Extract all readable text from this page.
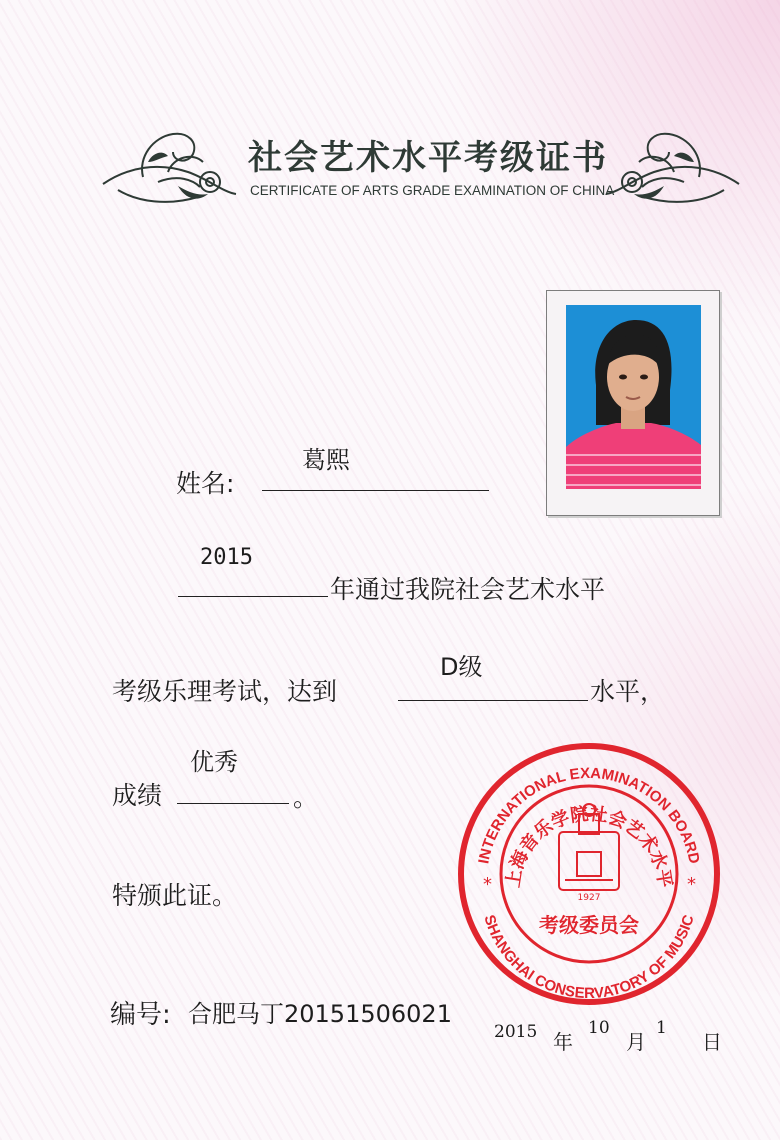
社会艺术水平考级证书
CERTIFICATE OF ARTS GRADE EXAMINATION OF CHINA
姓名:
葛熙
2015
年通过我院社会艺术水平
考级乐理考试，达到
D级
水平，
成绩
优秀
。
特颁此证。
编号: 合肥马丁20151506021
2015 年
10
月
1
日
INTERNATIONAL EXAMINATION BOARD
SHANGHAI CONSERVATORY OF MUSIC
上海音乐学院社会艺术水平
*	*
1927
考级委员会
